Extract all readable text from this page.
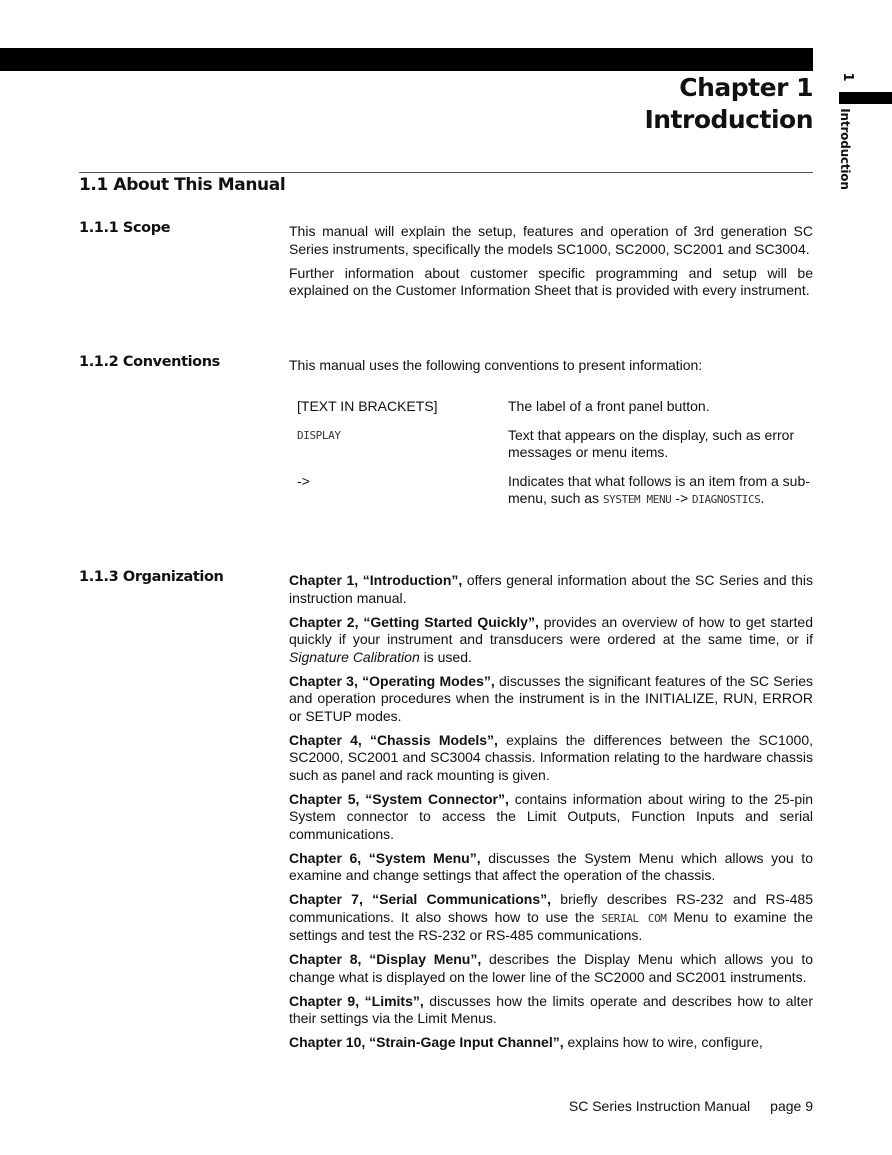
1
Introduction
Chapter 1
Introduction
1.1 About This Manual
1.1.1 Scope	This manual will explain the setup, features and operation of 3rd generation SC Series instruments, specifically the models SC1000, SC2000, SC2001 and SC3004.

Further information about customer specific programming and setup will be explained on the Customer Information Sheet that is provided with every instrument.

1.1.2 Conventions	This manual uses the following conventions to present information:

[TEXT IN BRACKETS]	The label of a front panel button.
DISPLAY	Text that appears on the display, such as error messages or menu items.
->	Indicates that what follows is an item from a sub-menu, such as SYSTEM MENU -> DIAGNOSTICS.
1.1.3 Organization	Chapter 1, “Introduction”, offers general information about the SC Series and this instruction manual.

Chapter 2, “Getting Started Quickly”, provides an overview of how to get started quickly if your instrument and transducers were ordered at the same time, or if Signature Calibration is used.

Chapter 3, “Operating Modes”, discusses the significant features of the SC Series and operation procedures when the instrument is in the INITIALIZE, RUN, ERROR or SETUP modes.

Chapter 4, “Chassis Models”, explains the differences between the SC1000, SC2000, SC2001 and SC3004 chassis. Information relating to the hardware chassis such as panel and rack mounting is given.

Chapter 5, “System Connector”, contains information about wiring to the 25-pin System connector to access the Limit Outputs, Function Inputs and serial communications.

Chapter 6, “System Menu”, discusses the System Menu which allows you to examine and change settings that affect the operation of the chassis.

Chapter 7, “Serial Communications”, briefly describes RS-232 and RS-485 communications. It also shows how to use the SERIAL COM Menu to examine the settings and test the RS-232 or RS-485 communications.

Chapter 8, “Display Menu”, describes the Display Menu which allows you to change what is displayed on the lower line of the SC2000 and SC2001 instruments.

Chapter 9, “Limits”, discusses how the limits operate and describes how to alter their settings via the Limit Menus.

Chapter 10, “Strain-Gage Input Channel”, explains how to wire, configure,

SC Series Instruction Manual page 9
